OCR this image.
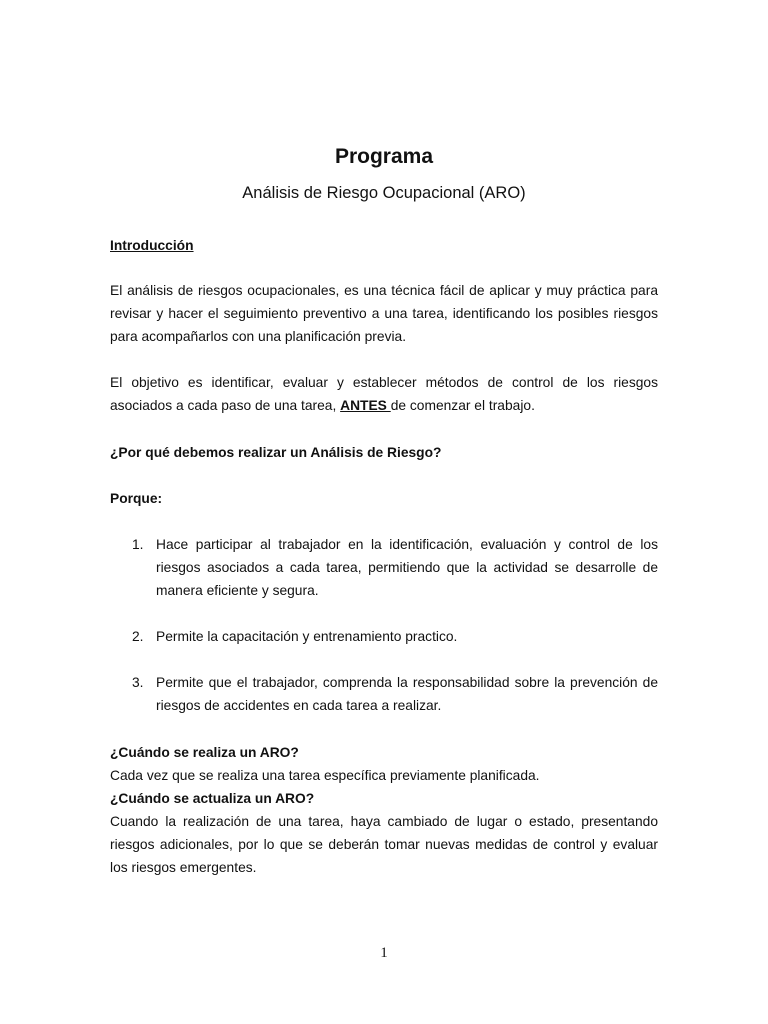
Programa
Análisis de Riesgo Ocupacional (ARO)
Introducción

El análisis de riesgos ocupacionales, es una técnica fácil de aplicar y muy práctica para revisar y hacer el seguimiento preventivo a una tarea, identificando los posibles riesgos para acompañarlos con una planificación previa.

El objetivo es identificar, evaluar y establecer métodos de control de los riesgos asociados a cada paso de una tarea, ANTES de comenzar el trabajo.

¿Por qué debemos realizar un Análisis de Riesgo?
Porque:
1. Hace participar al trabajador en la identificación, evaluación y control de los riesgos asociados a cada tarea, permitiendo que la actividad se desarrolle de manera eficiente y segura.
2. Permite la capacitación y entrenamiento practico.
3. Permite que el trabajador, comprenda la responsabilidad sobre la prevención de riesgos de accidentes en cada tarea a realizar.
¿Cuándo se realiza un ARO?
Cada vez que se realiza una tarea específica previamente planificada.
¿Cuándo se actualiza un ARO?

Cuando la realización de una tarea, haya cambiado de lugar o estado, presentando riesgos adicionales, por lo que se deberán tomar nuevas medidas de control y evaluar los riesgos emergentes.

1
